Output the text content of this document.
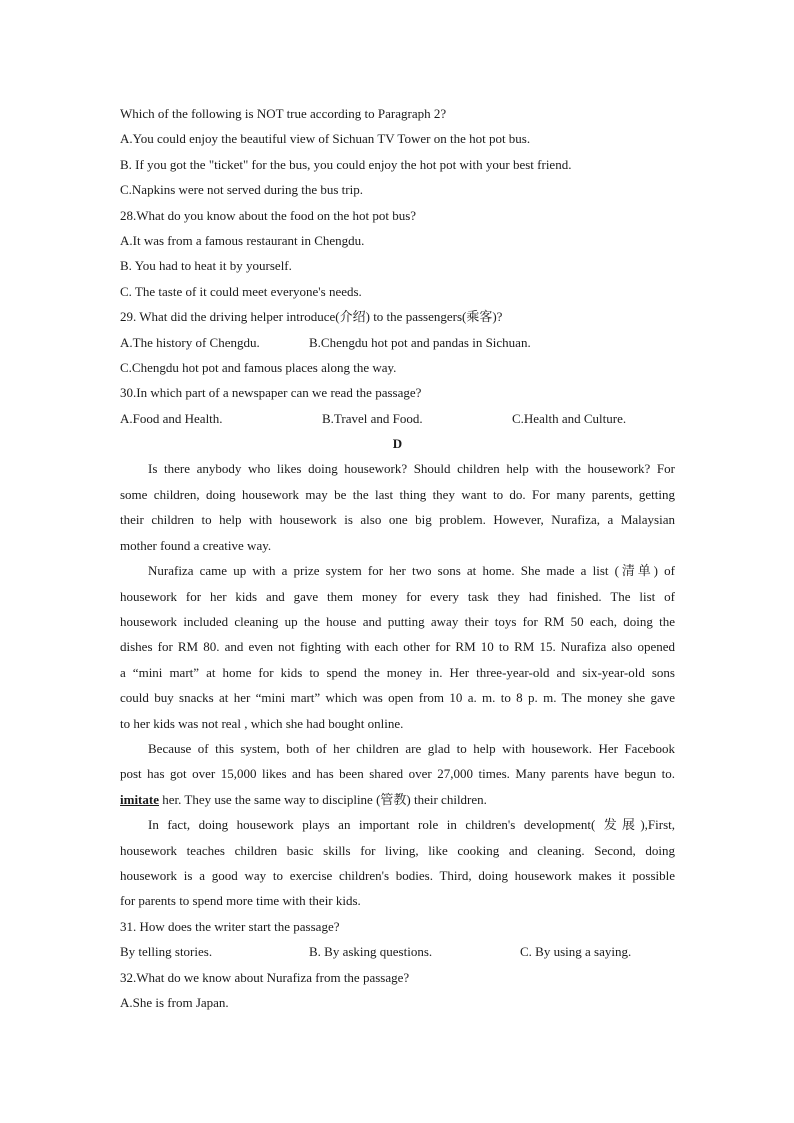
Which of the following is NOT true according to Paragraph 2?
A.You could enjoy the beautiful view of Sichuan TV Tower on the hot pot bus.
B. If you got the "ticket" for the bus, you could enjoy the hot pot with your best friend.
C.Napkins were not served during the bus trip.
28.What do you know about the food on the hot pot bus?
A.It was from a famous restaurant in Chengdu.
B. You had to heat it by yourself.
C. The taste of it could meet everyone's needs.
29. What did the driving helper introduce(介绍) to the passengers(乘客)?
A.The history of Chengdu.	B.Chengdu hot pot and pandas in Sichuan.
C.Chengdu hot pot and famous places along the way.
30.In which part of a newspaper can we read the passage?
A.Food and Health.	B.Travel and Food.	C.Health and Culture.
D
Is there anybody who likes doing housework? Should children help with the housework? For
some children, doing housework may be the last thing they want to do. For many parents, getting
their children to help with housework is also one big problem. However, Nurafiza, a Malaysian
mother found a creative way.
Nurafiza came up with a prize system for her two sons at home. She made a list (清单) of
housework for her kids and gave them money for every task they had finished. The list of
housework included cleaning up the house and putting away their toys for RM 50 each, doing the
dishes for RM 80. and even not fighting with each other for RM 10 to RM 15. Nurafiza also opened
a “mini mart” at home for kids to spend the money in. Her three-year-old and six-year-old sons
could buy snacks at her “mini mart” which was open from 10 a. m. to 8 p. m. The money she gave
to her kids was not real , which she had bought online.
Because of this system, both of her children are glad to help with housework. Her Facebook
post has got over 15,000 likes and has been shared over 27,000 times. Many parents have begun to.
imitate her. They use the same way to discipline (管教) their children.
In fact, doing housework plays an important role in children's development( 发展),First,
housework teaches children basic skills for living, like cooking and cleaning. Second, doing
housework is a good way to exercise children's bodies. Third, doing housework makes it possible
for parents to spend more time with their kids.
31. How does the writer start the passage?
By telling stories.	B. By asking questions.	C. By using a saying.
32.What do we know about Nurafiza from the passage?
A.She is from Japan.
